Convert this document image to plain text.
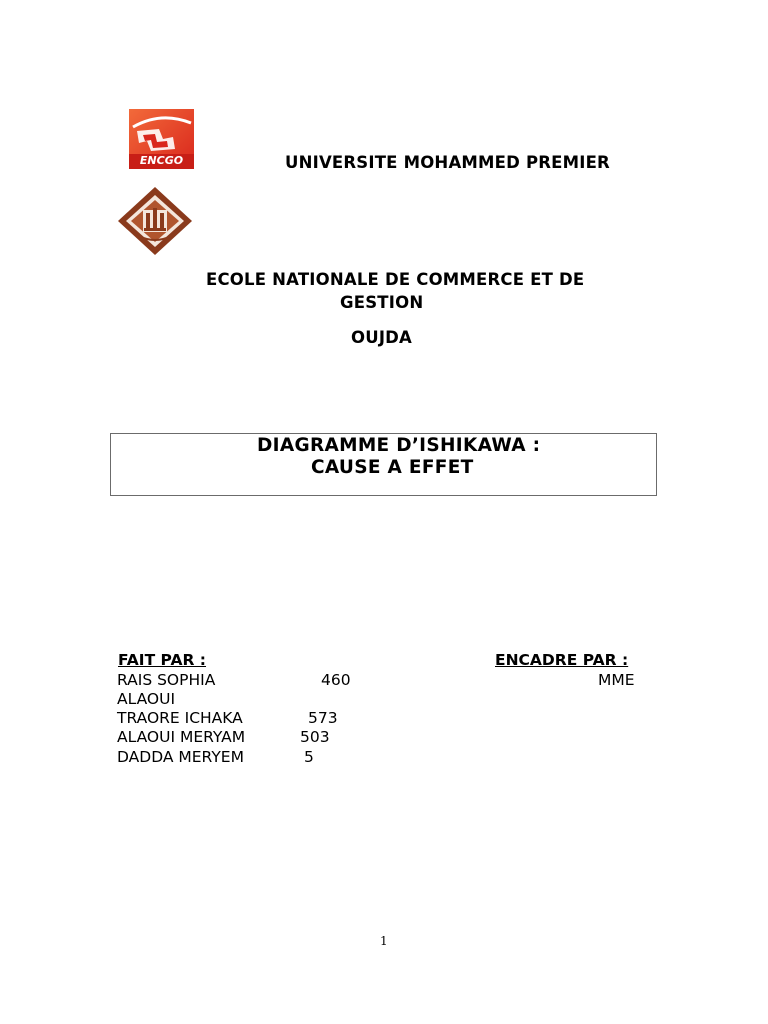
ENCGO	UNIVERSITE MOHAMMED PREMIER
ECOLE NATIONALE DE COMMERCE ET DE
GESTION
OUJDA
DIAGRAMME D’ISHIKAWA :
CAUSE A EFFET
FAIT PAR :	ENCADRE PAR :
RAIS SOPHIA	460	MME
ALAOUI
TRAORE ICHAKA	573
ALAOUI MERYAM	503
DADDA MERYEM	5
1
